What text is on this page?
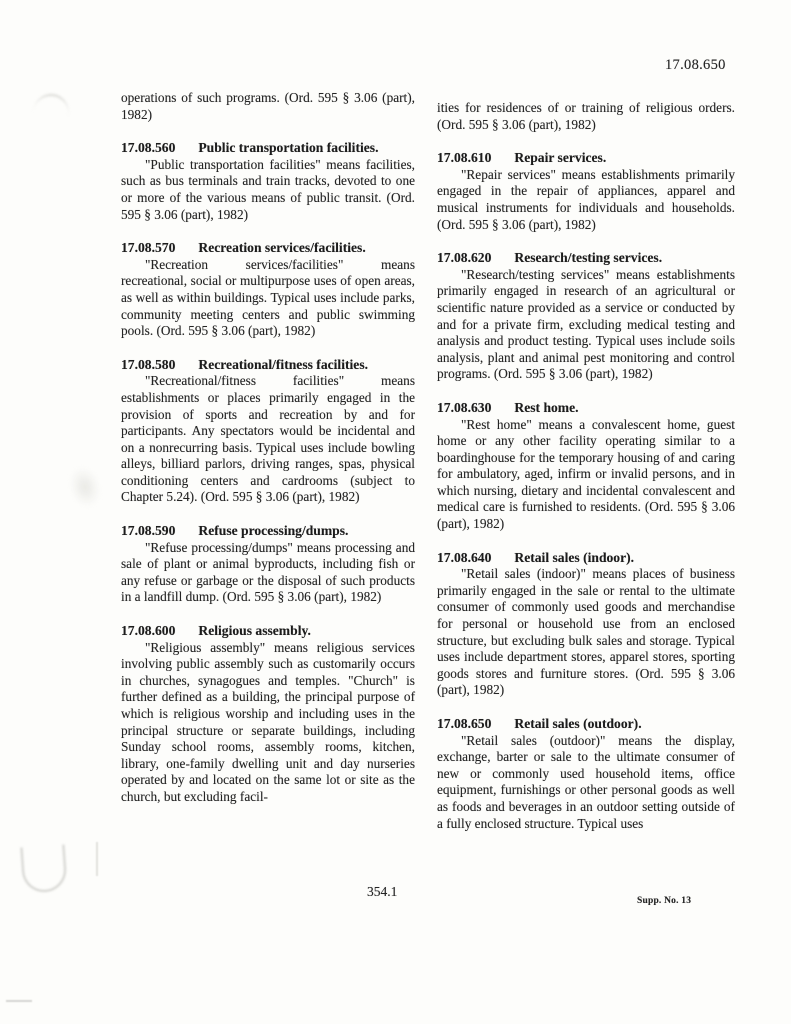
17.08.650

operations of such programs. (Ord. 595 § 3.06 (part), 1982)

17.08.560 Public transportation facilities.

"Public transportation facilities" means facilities, such as bus terminals and train tracks, devoted to one or more of the various means of public transit. (Ord. 595 § 3.06 (part), 1982)

17.08.570 Recreation services/facilities.

"Recreation services/facilities" means recreational, social or multipurpose uses of open areas, as well as within buildings. Typical uses include parks, community meeting centers and public swimming pools. (Ord. 595 § 3.06 (part), 1982)

17.08.580 Recreational/fitness facilities.

"Recreational/fitness facilities" means establishments or places primarily engaged in the provision of sports and recreation by and for participants. Any spectators would be incidental and on a nonrecurring basis. Typical uses include bowling alleys, billiard parlors, driving ranges, spas, physical conditioning centers and cardrooms (subject to Chapter 5.24). (Ord. 595 § 3.06 (part), 1982)

17.08.590 Refuse processing/dumps.

"Refuse processing/dumps" means processing and sale of plant or animal byproducts, including fish or any refuse or garbage or the disposal of such products in a landfill dump. (Ord. 595 § 3.06 (part), 1982)

17.08.600 Religious assembly.

"Religious assembly" means religious services involving public assembly such as customarily occurs in churches, synagogues and temples. "Church" is further defined as a building, the principal purpose of which is religious worship and including uses in the principal structure or separate buildings, including Sunday school rooms, assembly rooms, kitchen, library, one-family dwelling unit and day nurseries operated by and located on the same lot or site as the church, but excluding facil-

ities for residences of or training of religious orders. (Ord. 595 § 3.06 (part), 1982)

17.08.610 Repair services.

"Repair services" means establishments primarily engaged in the repair of appliances, apparel and musical instruments for individuals and households. (Ord. 595 § 3.06 (part), 1982)

17.08.620 Research/testing services.

"Research/testing services" means establishments primarily engaged in research of an agricultural or scientific nature provided as a service or conducted by and for a private firm, excluding medical testing and analysis and product testing. Typical uses include soils analysis, plant and animal pest monitoring and control programs. (Ord. 595 § 3.06 (part), 1982)

17.08.630 Rest home.

"Rest home" means a convalescent home, guest home or any other facility operating similar to a boardinghouse for the temporary housing of and caring for ambulatory, aged, infirm or invalid persons, and in which nursing, dietary and incidental convalescent and medical care is furnished to residents. (Ord. 595 § 3.06 (part), 1982)

17.08.640 Retail sales (indoor).

"Retail sales (indoor)" means places of business primarily engaged in the sale or rental to the ultimate consumer of commonly used goods and merchandise for personal or household use from an enclosed structure, but excluding bulk sales and storage. Typical uses include department stores, apparel stores, sporting goods stores and furniture stores. (Ord. 595 § 3.06 (part), 1982)

17.08.650 Retail sales (outdoor).

"Retail sales (outdoor)" means the display, exchange, barter or sale to the ultimate consumer of new or commonly used household items, office equipment, furnishings or other personal goods as well as foods and beverages in an outdoor setting outside of a fully enclosed structure. Typical uses

354.1
Supp. No. 13
